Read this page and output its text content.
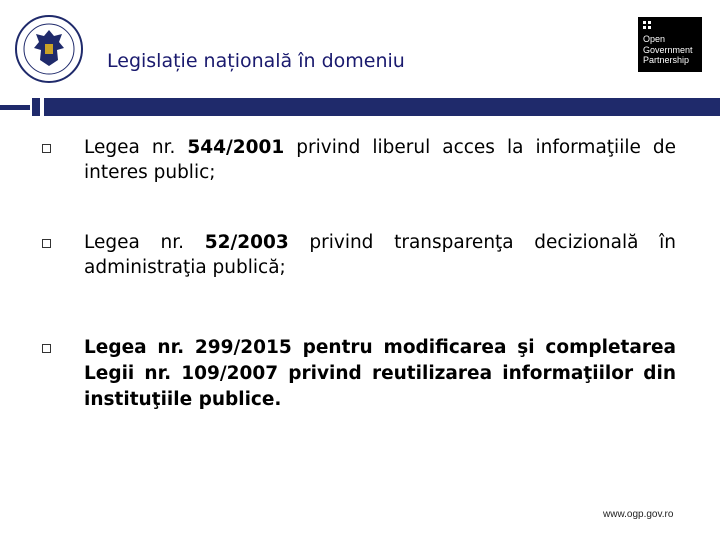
Legislație națională în domeniu
Open
Government
Partnership
Legea nr. 544/2001 privind liberul acces la informaţiile de interes public;
Legea nr. 52/2003 privind transparenţa decizională în administraţia publică;
Legea nr. 299/2015 pentru modificarea şi completarea Legii nr. 109/2007 privind reutilizarea informaţiilor din instituţiile publice.
www.ogp.gov.ro
